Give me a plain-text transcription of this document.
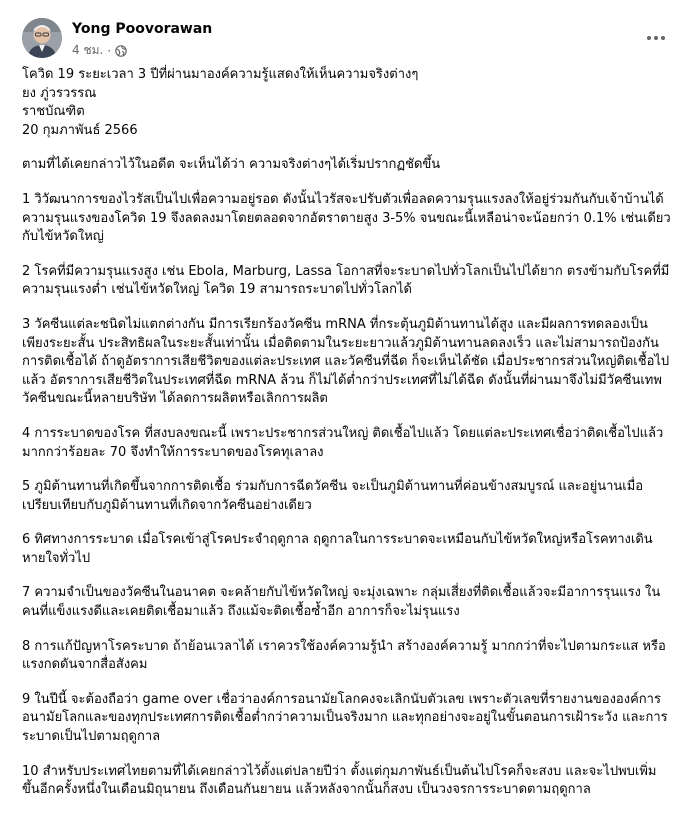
Yong Poovorawan
4 ชม. ·

โควิด 19 ระยะเวลา 3 ปีที่ผ่านมาองค์ความรู้แสดงให้เห็นความจริงต่างๆ

ยง ภู่วรวรรณ

ราชบัณฑิต

20 กุมภาพันธ์ 2566

ตามที่ได้เคยกล่าวไว้ในอดีต จะเห็นได้ว่า ความจริงต่างๆได้เริ่มปรากฏชัดขึ้น

1 วิวัฒนาการของไวรัสเป็นไปเพื่อความอยู่รอด ดังนั้นไวรัสจะปรับตัวเพื่อลดความรุนแรงลงให้อยู่ร่วมกันกับเจ้าบ้านได้ ความรุนแรงของโควิด 19 จึงลดลงมาโดยตลอดจากอัตราตายสูง 3-5% จนขณะนี้เหลือน่าจะน้อยกว่า 0.1% เช่นเดียวกับไข้หวัดใหญ่

2 โรคที่มีความรุนแรงสูง เช่น Ebola, Marburg, Lassa โอกาสที่จะระบาดไปทั่วโลกเป็นไปได้ยาก ตรงข้ามกับโรคที่มีความรุนแรงต่ำ เช่นไข้หวัดใหญ่ โควิด 19 สามารถระบาดไปทั่วโลกได้

3 วัคซีนแต่ละชนิดไม่แตกต่างกัน มีการเรียกร้องวัคซีน mRNA ที่กระตุ้นภูมิต้านทานได้สูง และมีผลการทดลองเป็นเพียงระยะสั้น ประสิทธิผลในระยะสั้นเท่านั้น เมื่อติดตามในระยะยาวแล้วภูมิต้านทานลดลงเร็ว และไม่สามารถป้องกันการติดเชื้อได้ ถ้าดูอัตราการเสียชีวิตของแต่ละประเทศ และวัคซีนที่ฉีด ก็จะเห็นได้ชัด เมื่อประชากรส่วนใหญ่ติดเชื้อไปแล้ว อัตราการเสียชีวิตในประเทศที่ฉีด mRNA ล้วน ก็ไม่ได้ต่ำกว่าประเทศที่ไม่ได้ฉีด ดังนั้นที่ผ่านมาจึงไม่มีวัคซีนเทพ วัคซีนขณะนี้หลายบริษัท ได้ลดการผลิตหรือเลิกการผลิต

4 การระบาดของโรค ที่สงบลงขณะนี้ เพราะประชากรส่วนใหญ่ ติดเชื้อไปแล้ว โดยแต่ละประเทศเชื่อว่าติดเชื้อไปแล้วมากกว่าร้อยละ 70 จึงทำให้การระบาดของโรคทุเลาลง

5 ภูมิต้านทานที่เกิดขึ้นจากการติดเชื้อ ร่วมกับการฉีดวัคซีน จะเป็นภูมิต้านทานที่ค่อนข้างสมบูรณ์ และอยู่นานเมื่อเปรียบเทียบกับภูมิต้านทานที่เกิดจากวัคซีนอย่างเดียว

6 ทิศทางการระบาด เมื่อโรคเข้าสู่โรคประจำฤดูกาล ฤดูกาลในการระบาดจะเหมือนกับไข้หวัดใหญ่หรือโรคทางเดินหายใจทั่วไป

7 ความจำเป็นของวัคซีนในอนาคต จะคล้ายกับไข้หวัดใหญ่ จะมุ่งเฉพาะ กลุ่มเสี่ยงที่ติดเชื้อแล้วจะมีอาการรุนแรง ในคนที่แข็งแรงดีและเคยติดเชื้อมาแล้ว ถึงแม้จะติดเชื้อซ้ำอีก อาการก็จะไม่รุนแรง

8 การแก้ปัญหาโรคระบาด ถ้าย้อนเวลาได้ เราควรใช้องค์ความรู้นำ สร้างองค์ความรู้ มากกว่าที่จะไปตามกระแส หรือแรงกดดันจากสื่อสังคม

9 ในปีนี้ จะต้องถือว่า game over เชื่อว่าองค์การอนามัยโลกคงจะเลิกนับตัวเลข เพราะตัวเลขที่รายงานขององค์การอนามัยโลกและของทุกประเทศการติดเชื้อต่ำกว่าความเป็นจริงมาก และทุกอย่างจะอยู่ในขั้นตอนการเฝ้าระวัง และการระบาดเป็นไปตามฤดูกาล

10 สำหรับประเทศไทยตามที่ได้เคยกล่าวไว้ตั้งแต่ปลายปีว่า ตั้งแต่กุมภาพันธ์เป็นต้นไปโรคก็จะสงบ และจะไปพบเพิ่มขึ้นอีกครั้งหนึ่งในเดือนมิถุนายน ถึงเดือนกันยายน แล้วหลังจากนั้นก็สงบ เป็นวงจรการระบาดตามฤดูกาล
